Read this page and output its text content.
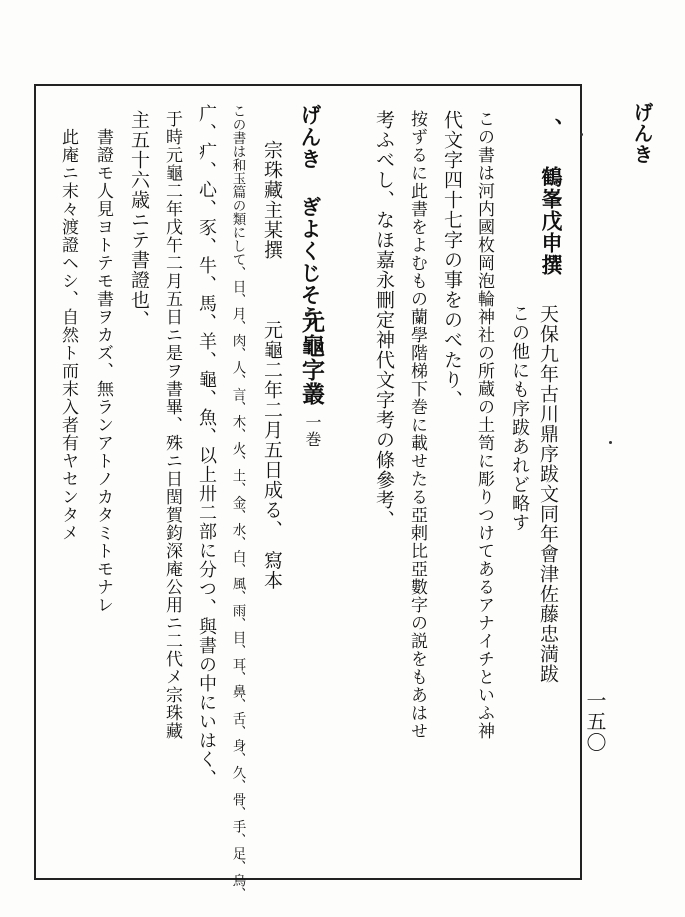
げんき
一五〇
、 鶴峯戊申撰
天保九年古川鼎序跋文同年會津佐藤忠満跋
この他にも序跋あれど略す
この書は河内國枚岡泡輪神社の所蔵の土笥に彫りつけてあるアナイチといふ神
代文字四十七字の事をのべたり、
按ずるに此書をよむもの蘭學階梯下巻に載せたる亞剌比亞數字の説をもあはせ
考ふべし、なほ嘉永刪定神代文字考の條參考、
げんき ぎよくじそう
元龜字叢
一巻
宗珠藏主某撰
元龜二年二月五日成る、　寫本
この書は和玉篇の類にして、日、月、肉、人、言、木、火、土、金、水、白、風、雨、目、耳、鼻、舌、身、久、骨、手、足、烏、
广、疒、心、豕、牛、馬、羊、龜、魚、以上卅二部に分つ、與書の中にいはく、
于時元龜二年戊午二月五日ニ是ヲ書畢、殊ニ日閏賀鈞深庵公用ニ二代メ宗珠藏
主五十六歳ニテ書證也、
書證モ人見ヨトテモ書ヲカズ、無ランアトノカタミトモナレ
此庵ニ末々渡證ヘシ、自然ト而末入者有ヤセンタメ
